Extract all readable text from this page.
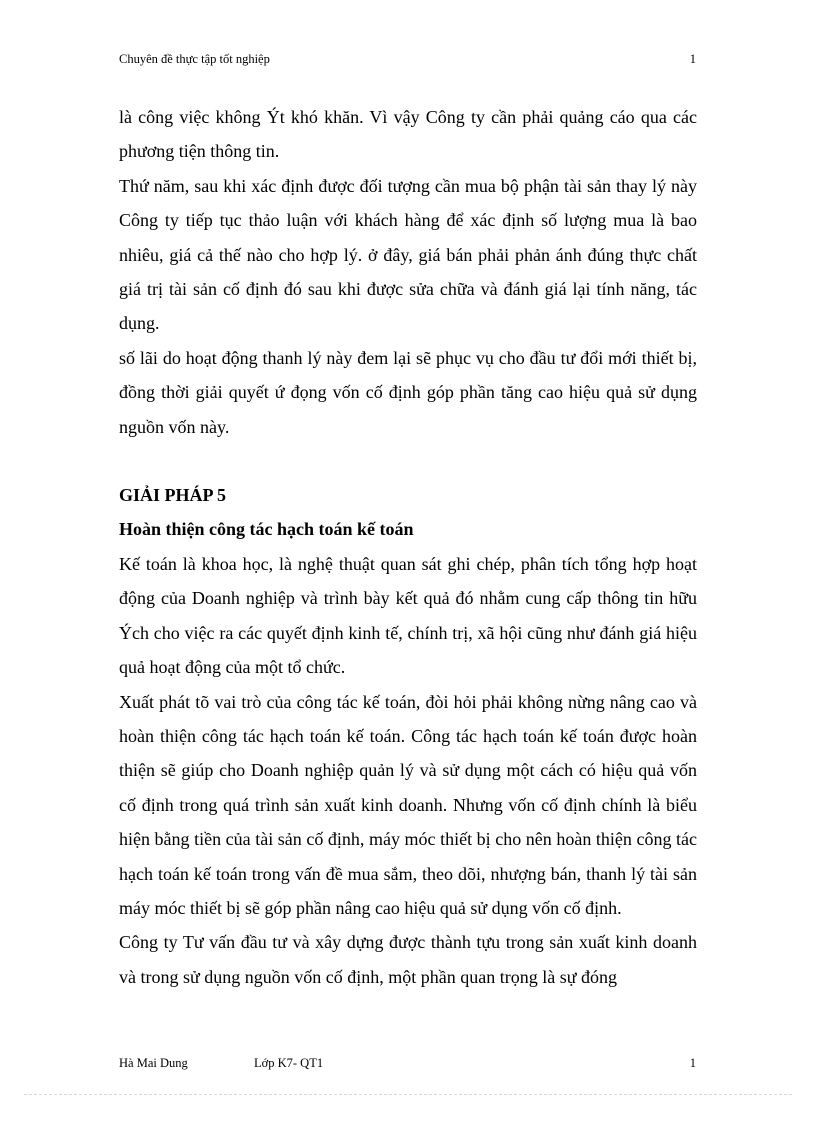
Chuyên đề thực tập tốt nghiệp	1

là công việc không Ýt khó khăn. Vì vậy Công ty cần phải quảng cáo qua các phương tiện thông tin.

Thứ năm, sau khi xác định được đối tượng cần mua bộ phận tài sản thay lý này Công ty tiếp tục thảo luận với khách hàng để xác định số lượng mua là bao nhiêu, giá cả thế nào cho hợp lý. ở đây, giá bán phải phản ánh đúng thực chất giá trị tài sản cố định đó sau khi được sửa chữa và đánh giá lại tính năng, tác dụng.

số lãi do hoạt động thanh lý này đem lại sẽ phục vụ cho đầu tư đổi mới thiết bị, đồng thời giải quyết ứ đọng vốn cố định góp phần tăng cao hiệu quả sử dụng nguồn vốn này.

GIẢI PHÁP 5

Hoàn thiện công tác hạch toán kế toán

Kế toán là khoa học, là nghệ thuật quan sát ghi chép, phân tích tổng hợp hoạt động của Doanh nghiệp và trình bày kết quả đó nhằm cung cấp thông tin hữu Ých cho việc ra các quyết định kinh tế, chính trị, xã hội cũng như đánh giá hiệu quả hoạt động của một tổ chức.

Xuất phát tõ vai trò của công tác kế toán, đòi hỏi phải không nừng nâng cao và hoàn thiện công tác hạch toán kế toán. Công tác hạch toán kế toán được hoàn thiện sẽ giúp cho Doanh nghiệp quản lý và sử dụng một cách có hiệu quả vốn cố định trong quá trình sản xuất kinh doanh. Nhưng vốn cố định chính là biểu hiện bằng tiền của tài sản cố định, máy móc thiết bị cho nên hoàn thiện công tác hạch toán kế toán trong vấn đề mua sắm, theo dõi, nhượng bán, thanh lý tài sản máy móc thiết bị sẽ góp phần nâng cao hiệu quả sử dụng vốn cố định.

Công ty Tư vấn đầu tư và xây dựng được thành tựu trong sản xuất kinh doanh và trong sử dụng nguồn vốn cố định, một phần quan trọng là sự đóng

Hà Mai Dung	Lớp K7- QT1	1
